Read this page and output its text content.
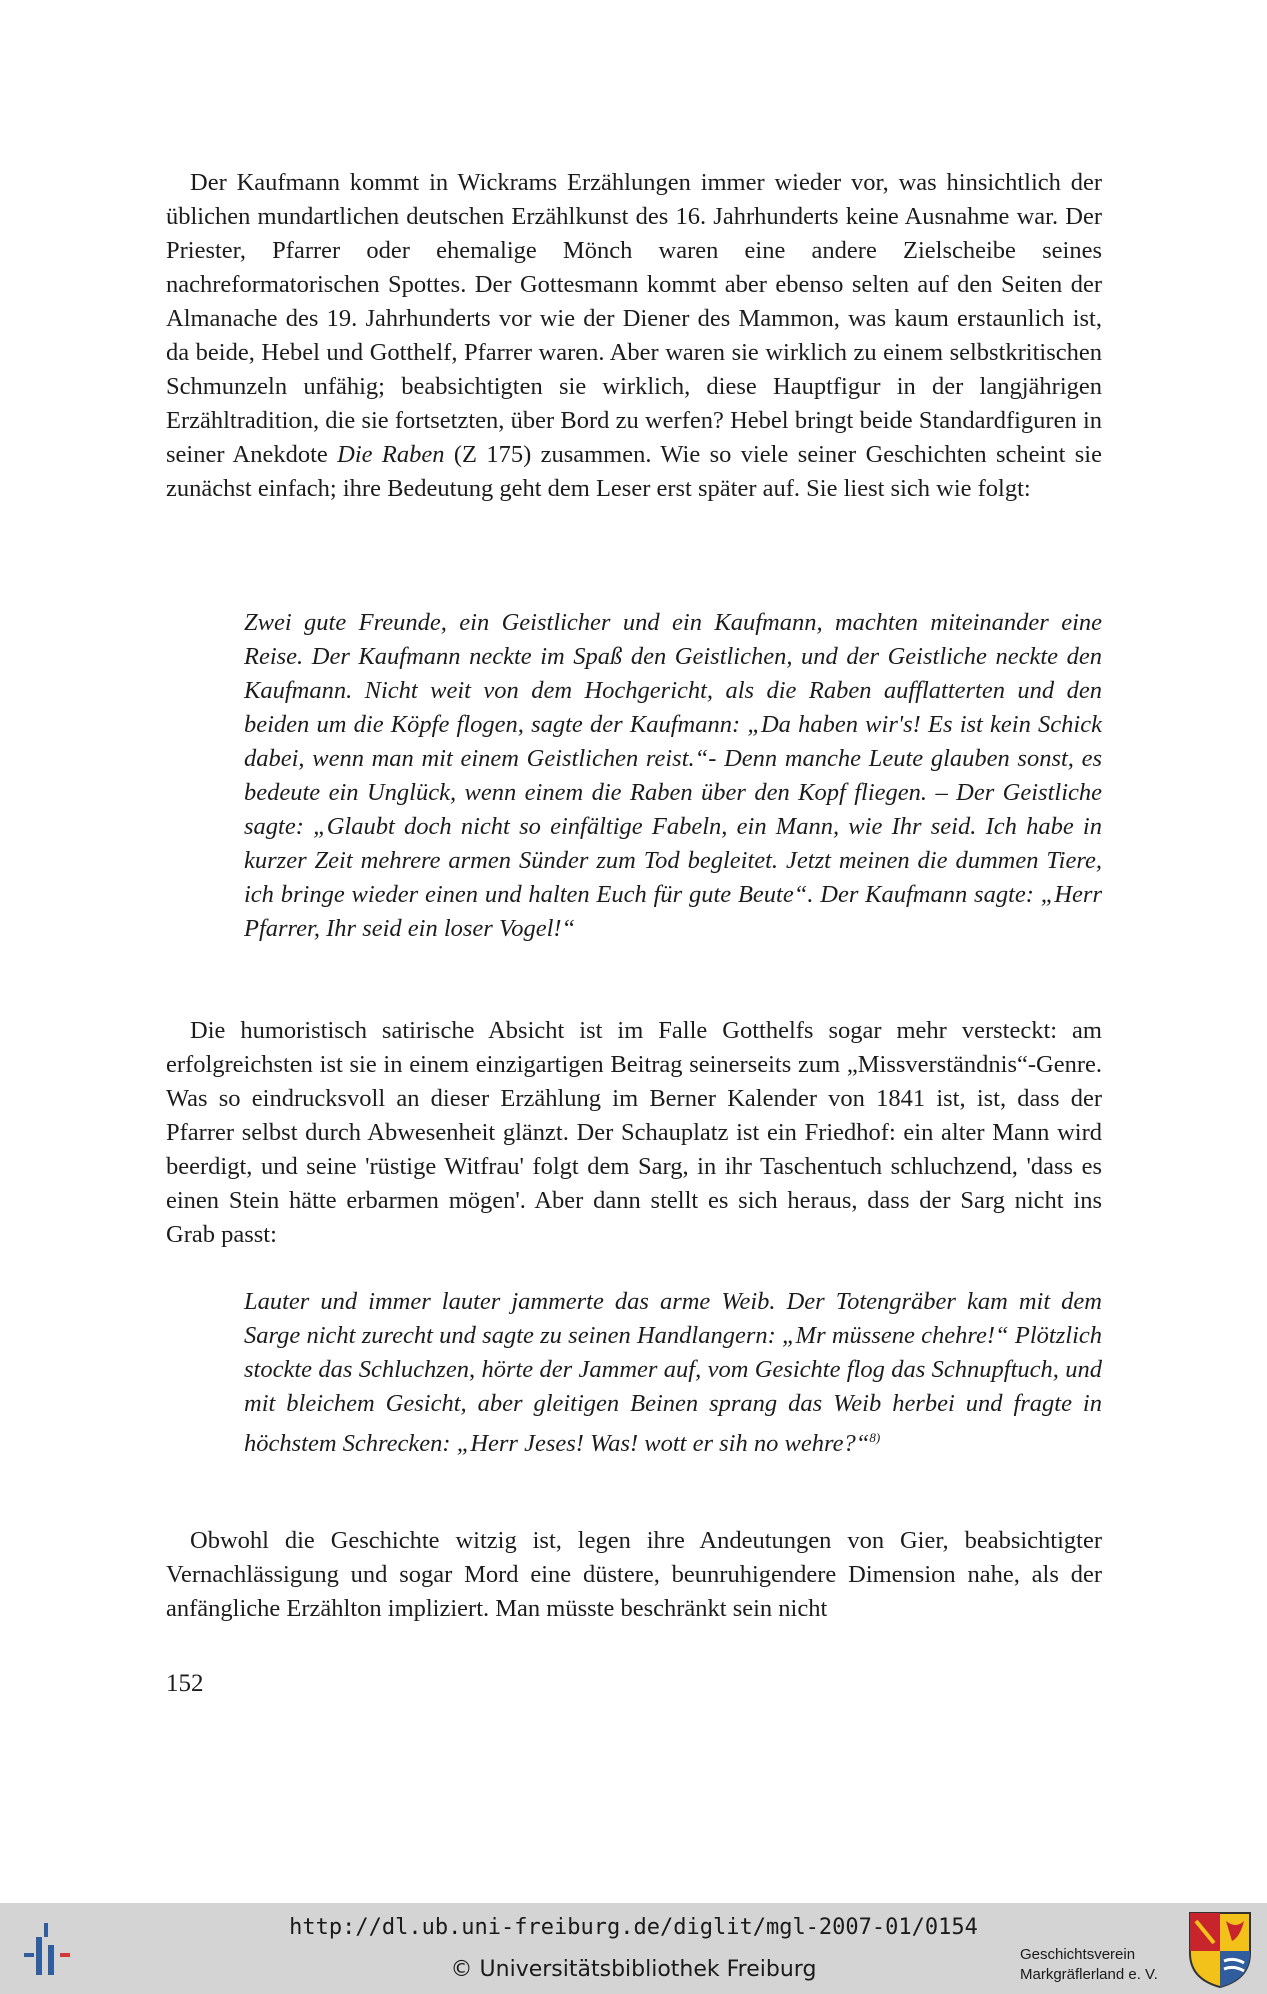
Der Kaufmann kommt in Wickrams Erzählungen immer wieder vor, was hinsichtlich der üblichen mundartlichen deutschen Erzählkunst des 16. Jahrhunderts keine Ausnahme war. Der Priester, Pfarrer oder ehemalige Mönch waren eine andere Zielscheibe seines nachreformatorischen Spottes. Der Gottesmann kommt aber ebenso selten auf den Seiten der Almanache des 19. Jahrhunderts vor wie der Diener des Mammon, was kaum erstaunlich ist, da beide, Hebel und Gotthelf, Pfarrer waren. Aber waren sie wirklich zu einem selbstkritischen Schmunzeln unfähig; beabsichtigten sie wirklich, diese Hauptfigur in der langjährigen Erzähltradition, die sie fortsetzten, über Bord zu werfen? Hebel bringt beide Standardfiguren in seiner Anekdote Die Raben (Z 175) zusammen. Wie so viele seiner Geschichten scheint sie zunächst einfach; ihre Bedeutung geht dem Leser erst später auf. Sie liest sich wie folgt:

Zwei gute Freunde, ein Geistlicher und ein Kaufmann, machten miteinander eine Reise. Der Kaufmann neckte im Spaß den Geistlichen, und der Geistliche neckte den Kaufmann. Nicht weit von dem Hochgericht, als die Raben aufflatterten und den beiden um die Köpfe flogen, sagte der Kaufmann: „Da haben wir's! Es ist kein Schick dabei, wenn man mit einem Geistlichen reist.“- Denn manche Leute glauben sonst, es bedeute ein Unglück, wenn einem die Raben über den Kopf fliegen. – Der Geistliche sagte: „Glaubt doch nicht so einfältige Fabeln, ein Mann, wie Ihr seid. Ich habe in kurzer Zeit mehrere armen Sünder zum Tod begleitet. Jetzt meinen die dummen Tiere, ich bringe wieder einen und halten Euch für gute Beute“. Der Kaufmann sagte: „Herr Pfarrer, Ihr seid ein loser Vogel!“

Die humoristisch satirische Absicht ist im Falle Gotthelfs sogar mehr versteckt: am erfolgreichsten ist sie in einem einzigartigen Beitrag seinerseits zum „Missverständnis“-Genre. Was so eindrucksvoll an dieser Erzählung im Berner Kalender von 1841 ist, ist, dass der Pfarrer selbst durch Abwesenheit glänzt. Der Schauplatz ist ein Friedhof: ein alter Mann wird beerdigt, und seine 'rüstige Witfrau' folgt dem Sarg, in ihr Taschentuch schluchzend, 'dass es einen Stein hätte erbarmen mögen'. Aber dann stellt es sich heraus, dass der Sarg nicht ins Grab passt:

Lauter und immer lauter jammerte das arme Weib. Der Totengräber kam mit dem Sarge nicht zurecht und sagte zu seinen Handlangern: „Mr müssene chehre!“ Plötzlich stockte das Schluchzen, hörte der Jammer auf, vom Gesichte flog das Schnupftuch, und mit bleichem Gesicht, aber gleitigen Beinen sprang das Weib herbei und fragte in höchstem Schrecken: „Herr Jeses! Was! wott er sih no wehre?“$^{8)}$

Obwohl die Geschichte witzig ist, legen ihre Andeutungen von Gier, beabsichtigter Vernachlässigung und sogar Mord eine düstere, beunruhigendere Dimension nahe, als der anfängliche Erzählton impliziert. Man müsste beschränkt sein nicht

152
http://dl.ub.uni-freiburg.de/diglit/mgl-2007-01/0154
© Universitätsbibliothek Freiburg
Geschichtsverein
Markgräflerland e. V.
